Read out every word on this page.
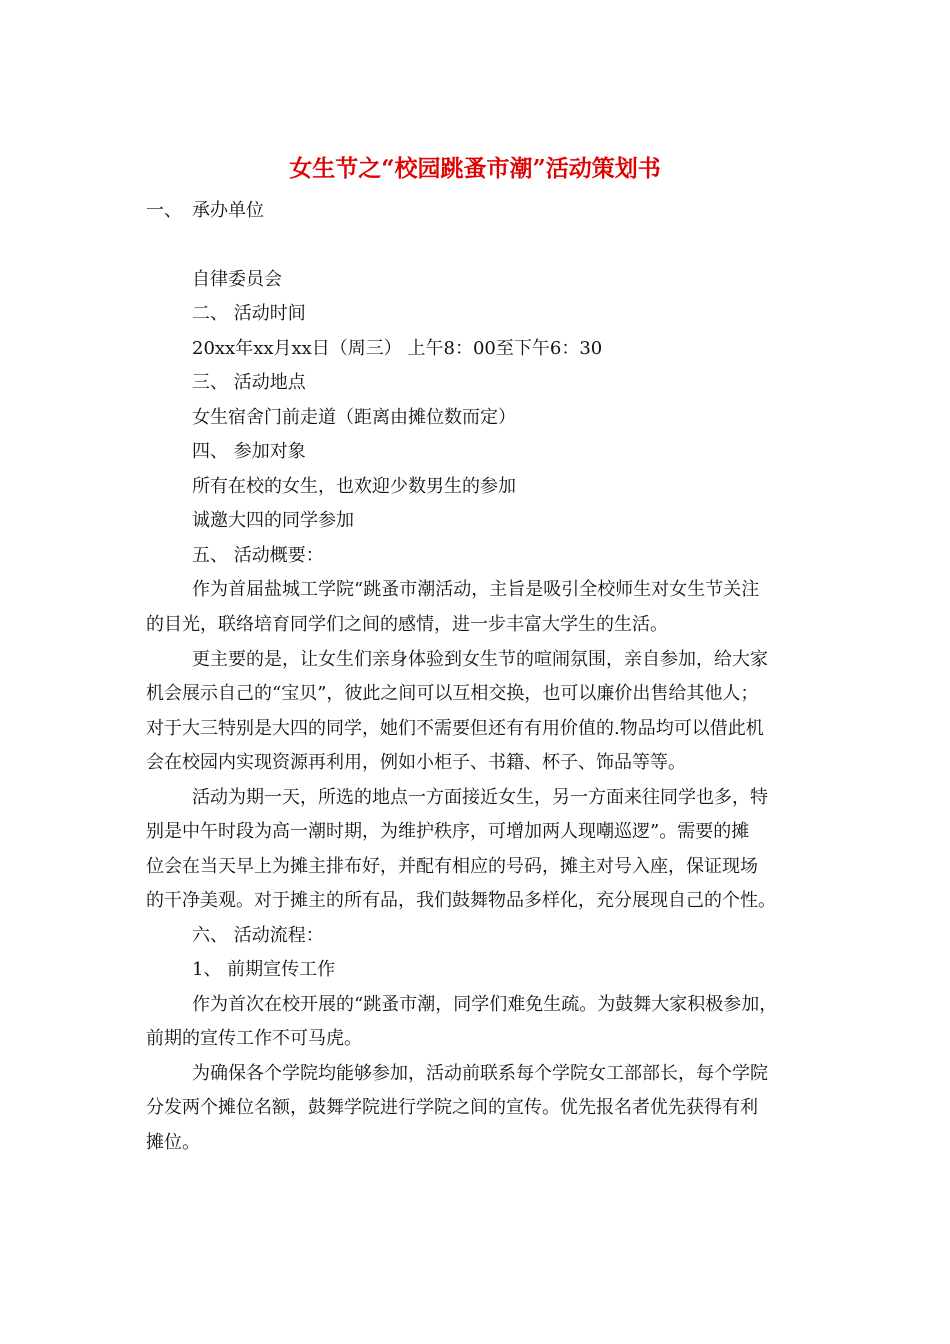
女生节之“校园跳蚤市潮”活动策划书
一、 承办单位
自律委员会
二、 活动时间
20xx年xx月xx日（周三） 上午8：00至下午6：30
三、 活动地点
女生宿舍门前走道（距离由摊位数而定）
四、 参加对象
所有在校的女生，也欢迎少数男生的参加
诚邀大四的同学参加
五、 活动概要：
作为首届盐城工学院“跳蚤市潮活动，主旨是吸引全校师生对女生节关注
的目光，联络培育同学们之间的感情，进一步丰富大学生的生活。
更主要的是，让女生们亲身体验到女生节的喧闹氛围，亲自参加，给大家
机会展示自己的“宝贝”，彼此之间可以互相交换，也可以廉价出售给其他人；
对于大三特别是大四的同学，她们不需要但还有有用价值的.物品均可以借此机
会在校园内实现资源再利用，例如小柜子、书籍、杯子、饰品等等。
活动为期一天，所选的地点一方面接近女生，另一方面来往同学也多，特
别是中午时段为高一潮时期，为维护秩序，可增加两人现嘲巡逻”。需要的摊
位会在当天早上为摊主排布好，并配有相应的号码，摊主对号入座，保证现场
的干净美观。对于摊主的所有品，我们鼓舞物品多样化，充分展现自己的个性。
六、 活动流程：
1、 前期宣传工作
作为首次在校开展的“跳蚤市潮，同学们难免生疏。为鼓舞大家积极参加，
前期的宣传工作不可马虎。
为确保各个学院均能够参加，活动前联系每个学院女工部部长，每个学院
分发两个摊位名额，鼓舞学院进行学院之间的宣传。优先报名者优先获得有利
摊位。
